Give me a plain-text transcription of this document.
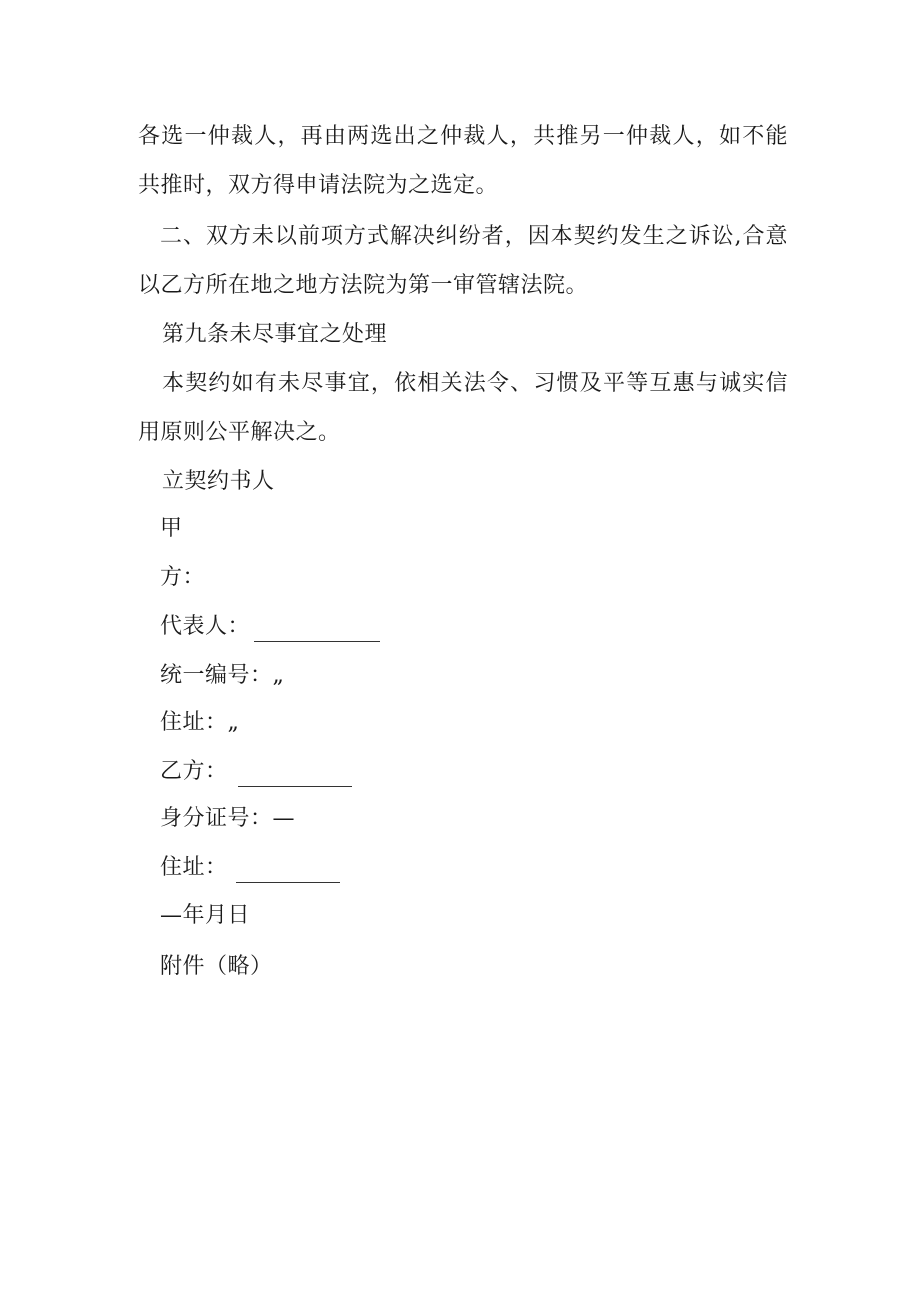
各选一仲裁人，再由两选出之仲裁人，共推另一仲裁人，如不能
共推时，双方得申请法院为之选定。
二、双方未以前项方式解决纠纷者，因本契约发生之诉讼,合意
以乙方所在地之地方法院为第一审管辖法院。
第九条未尽事宜之处理
本契约如有未尽事宜，依相关法令、习惯及平等互惠与诚实信
用原则公平解决之。
立契约书人
甲
方：
代表人：
统一编号：„
住址：„
乙方：
身分证号：—
住址：
—年月日
附件（略）
